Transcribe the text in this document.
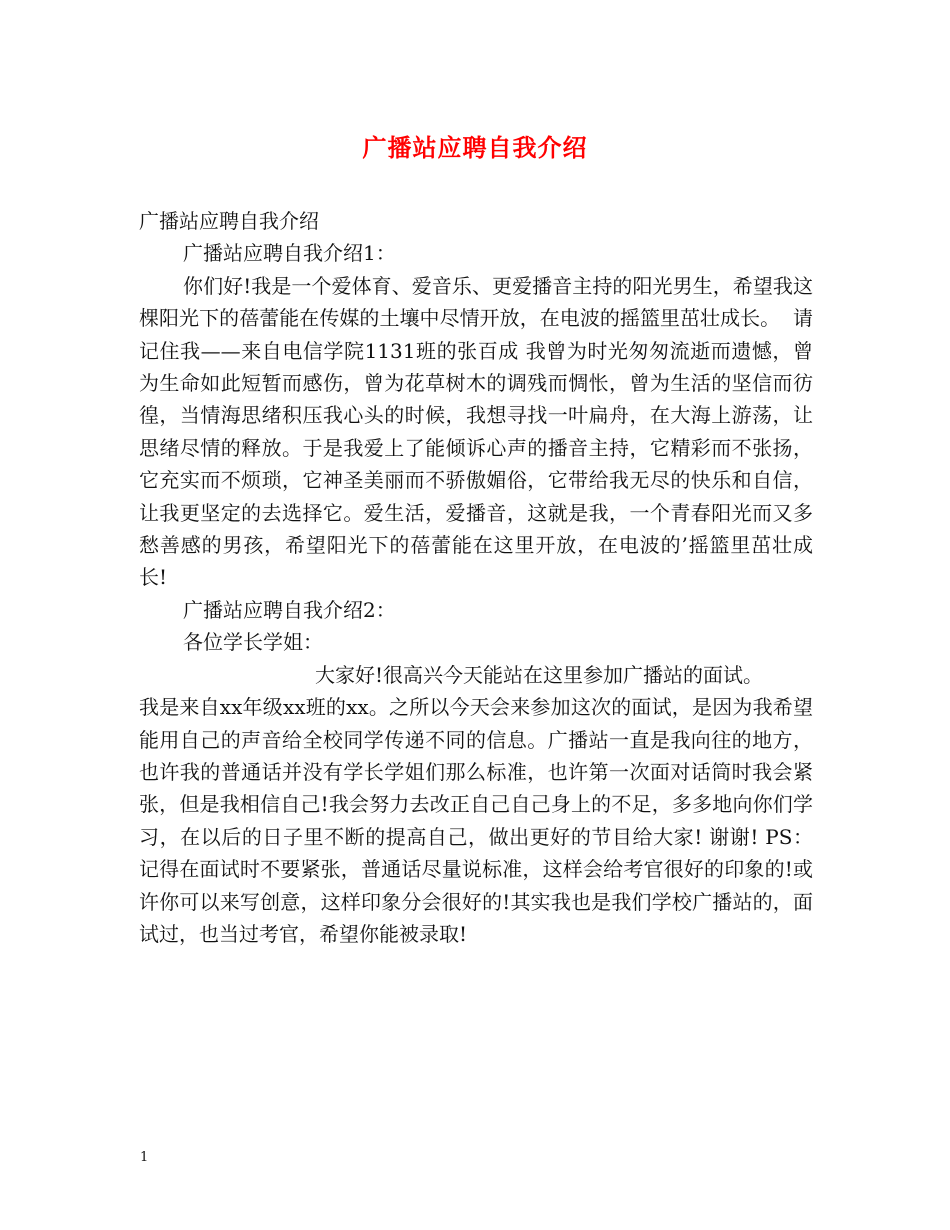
广播站应聘自我介绍

广播站应聘自我介绍

广播站应聘自我介绍1：

你们好!我是一个爱体育、爱音乐、更爱播音主持的阳光男生，希望我这棵阳光下的蓓蕾能在传媒的土壤中尽情开放，在电波的摇篮里茁壮成长。  请记住我——来自电信学院1131班的张百成 我曾为时光匆匆流逝而遗憾，曾为生命如此短暂而感伤，曾为花草树木的调残而惆怅，曾为生活的坚信而彷徨，当情海思绪积压我心头的时候，我想寻找一叶扁舟，在大海上游荡，让思绪尽情的释放。于是我爱上了能倾诉心声的播音主持，它精彩而不张扬，它充实而不烦琐，它神圣美丽而不骄傲媚俗，它带给我无尽的快乐和自信，让我更坚定的去选择它。爱生活，爱播音，这就是我，一个青春阳光而又多愁善感的男孩，希望阳光下的蓓蕾能在这里开放，在电波的’摇篮里茁壮成长!

广播站应聘自我介绍2：

各位学长学姐：

大家好!很高兴今天能站在这里参加广播站的面试。

我是来自xx年级xx班的xx。之所以今天会来参加这次的面试，是因为我希望能用自己的声音给全校同学传递不同的信息。广播站一直是我向往的地方，也许我的普通话并没有学长学姐们那么标准，也许第一次面对话筒时我会紧张，但是我相信自己!我会努力去改正自己自己身上的不足，多多地向你们学习，在以后的日子里不断的提高自己，做出更好的节目给大家! 谢谢! PS：记得在面试时不要紧张，普通话尽量说标准，这样会给考官很好的印象的!或许你可以来写创意，这样印象分会很好的!其实我也是我们学校广播站的，面试过，也当过考官，希望你能被录取!

1
